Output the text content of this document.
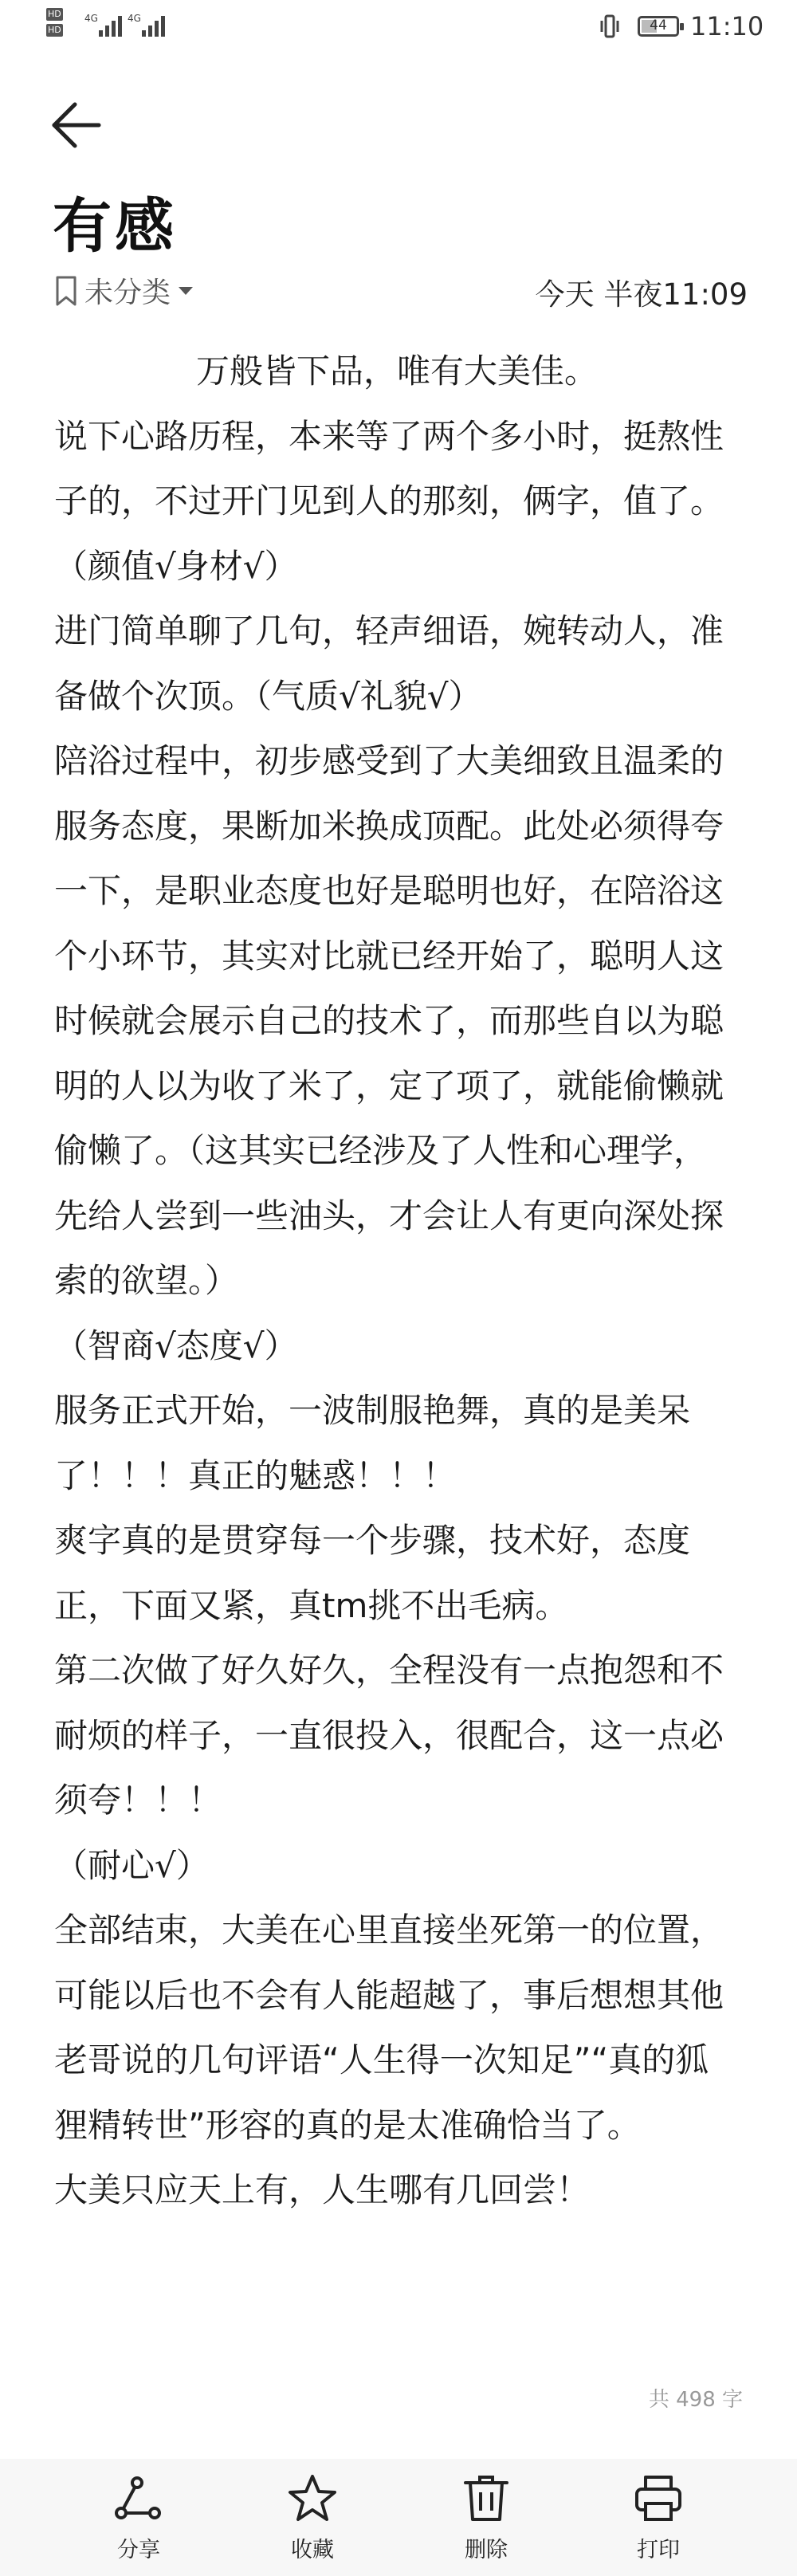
HD
HD
4G	4G	44 11:10
有感
未分类	今天 半夜11:09

万般皆下品，唯有大美佳。

说下心路历程，本来等了两个多小时，挺熬性子的，不过开门见到人的那刻，俩字，值了。（颜值√身材√）

进门简单聊了几句，轻声细语，婉转动人，准备做个次顶。（气质√礼貌√）

陪浴过程中，初步感受到了大美细致且温柔的服务态度，果断加米换成顶配。此处必须得夸一下，是职业态度也好是聪明也好，在陪浴这个小环节，其实对比就已经开始了，聪明人这时候就会展示自己的技术了，而那些自以为聪明的人以为收了米了，定了项了，就能偷懒就偷懒了。（这其实已经涉及了人性和心理学，先给人尝到一些油头，才会让人有更向深处探索的欲望。）

（智商√态度√）

服务正式开始，一波制服艳舞，真的是美呆了！！！真正的魅惑！！！

爽字真的是贯穿每一个步骤，技术好，态度正，下面又紧，真tm挑不出毛病。

第二次做了好久好久，全程没有一点抱怨和不耐烦的样子，一直很投入，很配合，这一点必须夸！！！

（耐心√）

全部结束，大美在心里直接坐死第一的位置，可能以后也不会有人能超越了，事后想想其他老哥说的几句评语“人生得一次知足”“真的狐狸精转世”形容的真的是太准确恰当了。

大美只应天上有，人生哪有几回尝！

共 498 字
分享	收藏	删除	打印
